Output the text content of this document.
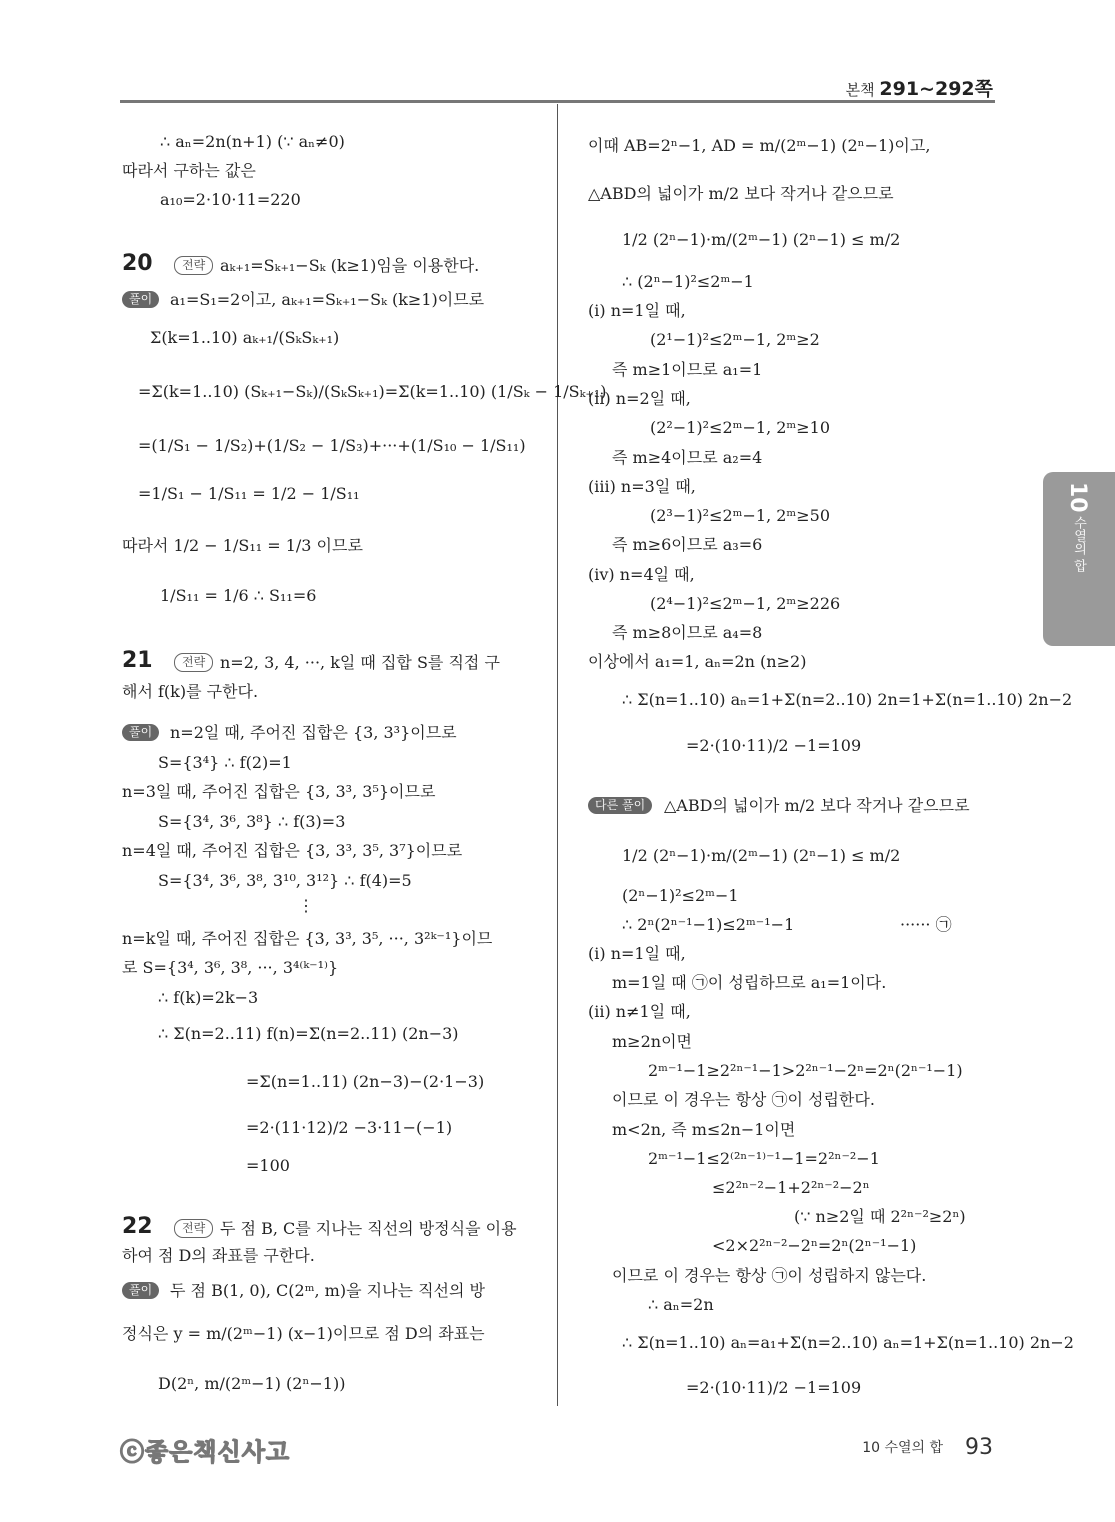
본책 291~292쪽
∴ aₙ=2n(n+1) (∵ aₙ≠0)
따라서 구하는 값은
a₁₀=2·10·11=220
20	aₖ₊₁=Sₖ₊₁−Sₖ (k≥1)임을 이용한다.
a₁=S₁=2이고, aₖ₊₁=Sₖ₊₁−Sₖ (k≥1)이므로
Σ(k=1..10) aₖ₊₁/(SₖSₖ₊₁)
=Σ(k=1..10) (Sₖ₊₁−Sₖ)/(SₖSₖ₊₁)=Σ(k=1..10) (1/Sₖ − 1/Sₖ₊₁)
=(1/S₁ − 1/S₂)+(1/S₂ − 1/S₃)+···+(1/S₁₀ − 1/S₁₁)
=1/S₁ − 1/S₁₁ = 1/2 − 1/S₁₁
따라서 1/2 − 1/S₁₁ = 1/3 이므로
1/S₁₁ = 1/6 ∴ S₁₁=6
21	n=2, 3, 4, ···, k일 때 집합 S를 직접 구
해서 f(k)를 구한다.
n=2일 때, 주어진 집합은 {3, 3³}이므로
S={3⁴} ∴ f(2)=1
n=3일 때, 주어진 집합은 {3, 3³, 3⁵}이므로
S={3⁴, 3⁶, 3⁸} ∴ f(3)=3
n=4일 때, 주어진 집합은 {3, 3³, 3⁵, 3⁷}이므로
S={3⁴, 3⁶, 3⁸, 3¹⁰, 3¹²} ∴ f(4)=5
⋮
n=k일 때, 주어진 집합은 {3, 3³, 3⁵, ···, 3²ᵏ⁻¹}이므
로 S={3⁴, 3⁶, 3⁸, ···, 3⁴⁽ᵏ⁻¹⁾}
∴ f(k)=2k−3
∴ Σ(n=2..11) f(n)=Σ(n=2..11) (2n−3)
=Σ(n=1..11) (2n−3)−(2·1−3)
=2·(11·12)/2 −3·11−(−1)
=100
22	두 점 B, C를 지나는 직선의 방정식을 이용
하여 점 D의 좌표를 구한다.
두 점 B(1, 0), C(2ᵐ, m)을 지나는 직선의 방
정식은 y = m/(2ᵐ−1) (x−1)이므로 점 D의 좌표는
D(2ⁿ, m/(2ᵐ−1) (2ⁿ−1))
전략
풀이
전략
풀이
전략
풀이
이때 AB=2ⁿ−1, AD = m/(2ᵐ−1) (2ⁿ−1)이고,
△ABD의 넓이가 m/2 보다 작거나 같으므로
1/2 (2ⁿ−1)·m/(2ᵐ−1) (2ⁿ−1) ≤ m/2
∴ (2ⁿ−1)²≤2ᵐ−1
(ⅰ) n=1일 때,
(2¹−1)²≤2ᵐ−1, 2ᵐ≥2
즉 m≥1이므로 a₁=1
(ⅱ) n=2일 때,
(2²−1)²≤2ᵐ−1, 2ᵐ≥10
즉 m≥4이므로 a₂=4
(ⅲ) n=3일 때,
(2³−1)²≤2ᵐ−1, 2ᵐ≥50
즉 m≥6이므로 a₃=6
(ⅳ) n=4일 때,
(2⁴−1)²≤2ᵐ−1, 2ᵐ≥226
즉 m≥8이므로 a₄=8
이상에서 a₁=1, aₙ=2n (n≥2)
∴ Σ(n=1..10) aₙ=1+Σ(n=2..10) 2n=1+Σ(n=1..10) 2n−2
=2·(10·11)/2 −1=109
△ABD의 넓이가 m/2 보다 작거나 같으므로
1/2 (2ⁿ−1)·m/(2ᵐ−1) (2ⁿ−1) ≤ m/2
(2ⁿ−1)²≤2ᵐ−1
∴ 2ⁿ(2ⁿ⁻¹−1)≤2ᵐ⁻¹−1	······ ㉠
(ⅰ) n=1일 때,
m=1일 때 ㉠이 성립하므로 a₁=1이다.
(ⅱ) n≠1일 때,
m≥2n이면
2ᵐ⁻¹−1≥2²ⁿ⁻¹−1>2²ⁿ⁻¹−2ⁿ=2ⁿ(2ⁿ⁻¹−1)
이므로 이 경우는 항상 ㉠이 성립한다.
m<2n, 즉 m≤2n−1이면
2ᵐ⁻¹−1≤2⁽²ⁿ⁻¹⁾⁻¹−1=2²ⁿ⁻²−1
≤2²ⁿ⁻²−1+2²ⁿ⁻²−2ⁿ
(∵ n≥2일 때 2²ⁿ⁻²≥2ⁿ)
<2×2²ⁿ⁻²−2ⁿ=2ⁿ(2ⁿ⁻¹−1)
이므로 이 경우는 항상 ㉠이 성립하지 않는다.
∴ aₙ=2n
∴ Σ(n=1..10) aₙ=a₁+Σ(n=2..10) aₙ=1+Σ(n=1..10) 2n−2
=2·(10·11)/2 −1=109
다른 풀이
10
수열의 합
ⓒ좋은책신사고	10 수열의 합 93
